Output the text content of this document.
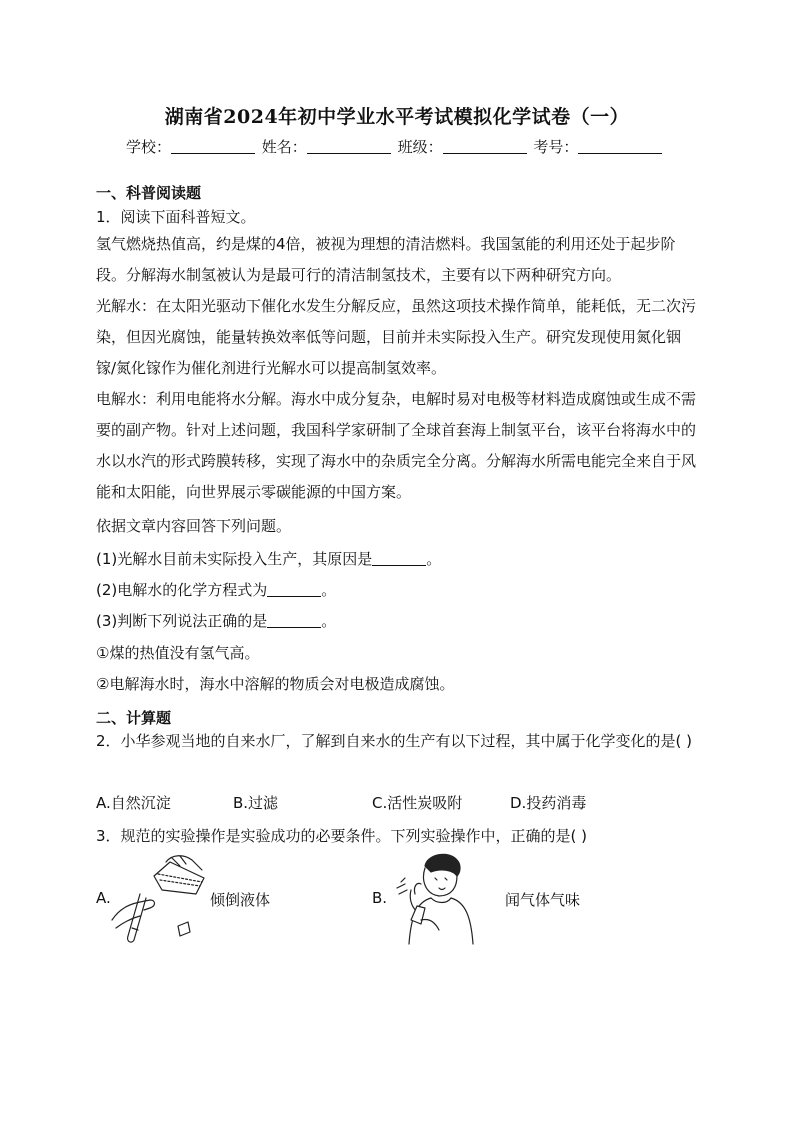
湖南省2024年初中学业水平考试模拟化学试卷（一）
学校：	姓名：	班级：	考号：
一、科普阅读题
1．阅读下面科普短文。
氢气燃烧热值高，约是煤的4倍，被视为理想的清洁燃料。我国氢能的利用还处于起步阶段。分解海水制氢被认为是最可行的清洁制氢技术，主要有以下两种研究方向。
光解水：在太阳光驱动下催化水发生分解反应，虽然这项技术操作简单，能耗低，无二次污染，但因光腐蚀，能量转换效率低等问题，目前并未实际投入生产。研究发现使用氮化铟镓/氮化镓作为催化剂进行光解水可以提高制氢效率。
电解水：利用电能将水分解。海水中成分复杂，电解时易对电极等材料造成腐蚀或生成不需要的副产物。针对上述问题，我国科学家研制了全球首套海上制氢平台，该平台将海水中的水以水汽的形式跨膜转移，实现了海水中的杂质完全分离。分解海水所需电能完全来自于风能和太阳能，向世界展示零碳能源的中国方案。
依据文章内容回答下列问题。
(1)光解水目前未实际投入生产，其原因是	。
(2)电解水的化学方程式为	。
(3)判断下列说法正确的是	。
①煤的热值没有氢气高。
②电解海水时，海水中溶解的物质会对电极造成腐蚀。
二、计算题
2．小华参观当地的自来水厂，了解到自来水的生产有以下过程，其中属于化学变化的是( )
A.自然沉淀	B.过滤	C.活性炭吸附	D.投药消毒
3．规范的实验操作是实验成功的必要条件。下列实验操作中，正确的是( )
A.	倾倒液体	B.	闻气体气味
